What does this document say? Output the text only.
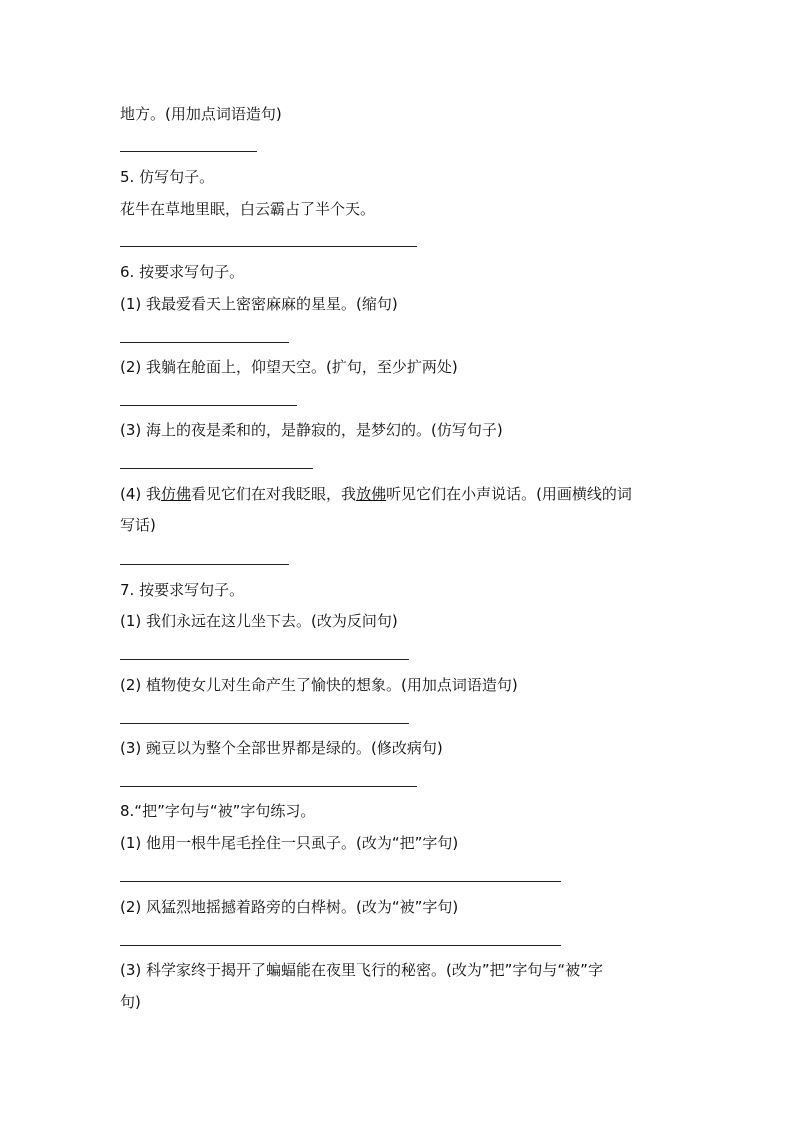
地方。(用加点词语造句)
5. 仿写句子。
花牛在草地里眠，白云霸占了半个天。
6. 按要求写句子。
(1) 我最爱看天上密密麻麻的星星。(缩句)
(2) 我躺在舱面上，仰望天空。(扩句，至少扩两处)
(3) 海上的夜是柔和的，是静寂的，是梦幻的。(仿写句子)
(4) 我仿佛看见它们在对我眨眼，我放佛听见它们在小声说话。(用画横线的词
写话)
7. 按要求写句子。
(1) 我们永远在这儿坐下去。(改为反问句)
(2) 植物使女儿对生命产生了愉快的想象。(用加点词语造句)
(3) 豌豆以为整个全部世界都是绿的。(修改病句)
8.“把”字句与“被”字句练习。
(1) 他用一根牛尾毛拴住一只虱子。(改为“把”字句)
(2) 风猛烈地摇撼着路旁的白桦树。(改为“被”字句)
(3) 科学家终于揭开了蝙蝠能在夜里飞行的秘密。(改为”把”字句与“被”字
句)
